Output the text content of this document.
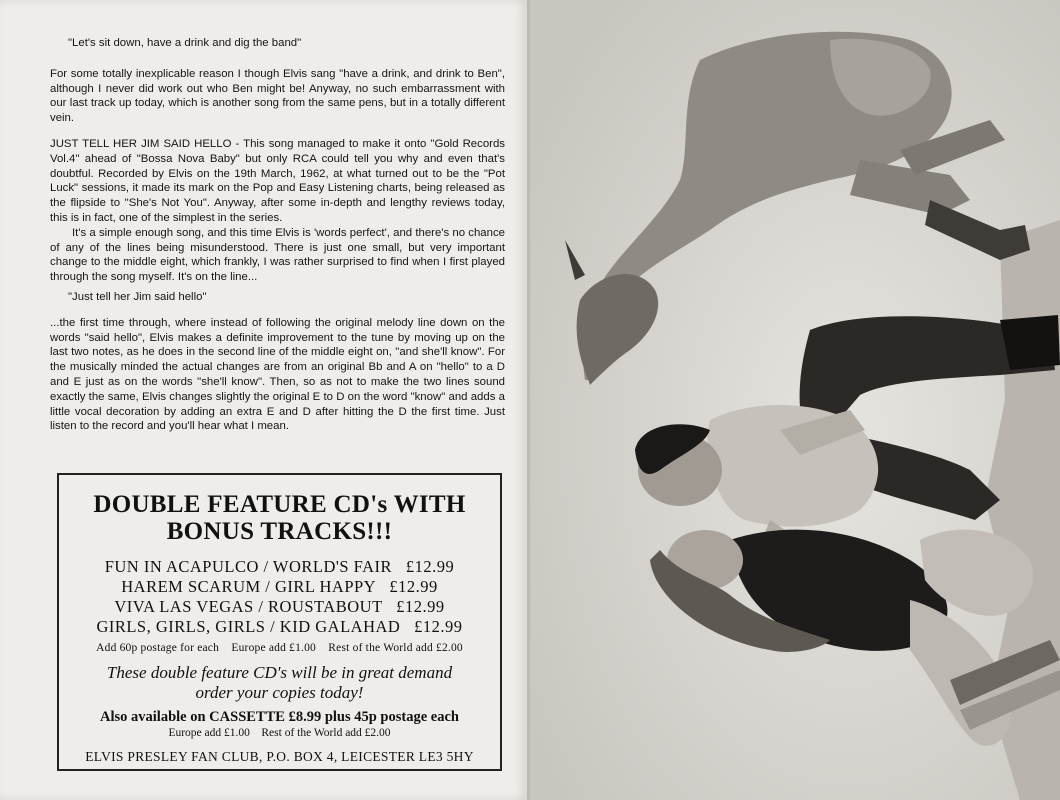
"Let's sit down, have a drink and dig the band"

For some totally inexplicable reason I though Elvis sang "have a drink, and drink to Ben", although I never did work out who Ben might be! Anyway, no such embarrassment with our last track up today, which is another song from the same pens, but in a totally different vein.

JUST TELL HER JIM SAID HELLO - This song managed to make it onto "Gold Records Vol.4" ahead of "Bossa Nova Baby" but only RCA could tell you why and even that's doubtful. Recorded by Elvis on the 19th March, 1962, at what turned out to be the "Pot Luck" sessions, it made its mark on the Pop and Easy Listening charts, being released as the flipside to "She's Not You". Anyway, after some in-depth and lengthy reviews today, this is in fact, one of the simplest in the series.

It's a simple enough song, and this time Elvis is 'words perfect', and there's no chance of any of the lines being misunderstood. There is just one small, but very important change to the middle eight, which frankly, I was rather surprised to find when I first played through the song myself. It's on the line...

"Just tell her Jim said hello"

...the first time through, where instead of following the original melody line down on the words "said hello", Elvis makes a definite improvement to the tune by moving up on the last two notes, as he does in the second line of the middle eight on, "and she'll know". For the musically minded the actual changes are from an original Bb and A on "hello" to a D and E just as on the words "she'll know". Then, so as not to make the two lines sound exactly the same, Elvis changes slightly the original E to D on the word "know" and adds a little vocal decoration by adding an extra E and D after hitting the D the first time. Just listen to the record and you'll hear what I mean.

DOUBLE FEATURE CD's WITH
BONUS TRACKS!!!
FUN IN ACAPULCO / WORLD'S FAIR   £12.99
HAREM SCARUM / GIRL HAPPY   £12.99
VIVA LAS VEGAS / ROUSTABOUT   £12.99
GIRLS, GIRLS, GIRLS / KID GALAHAD   £12.99
Add 60p postage for each    Europe add £1.00    Rest of the World add £2.00
These double feature CD's will be in great demand
order your copies today!
Also available on CASSETTE £8.99 plus 45p postage each
Europe add £1.00    Rest of the World add £2.00
ELVIS PRESLEY FAN CLUB, P.O. BOX 4, LEICESTER LE3 5HY
